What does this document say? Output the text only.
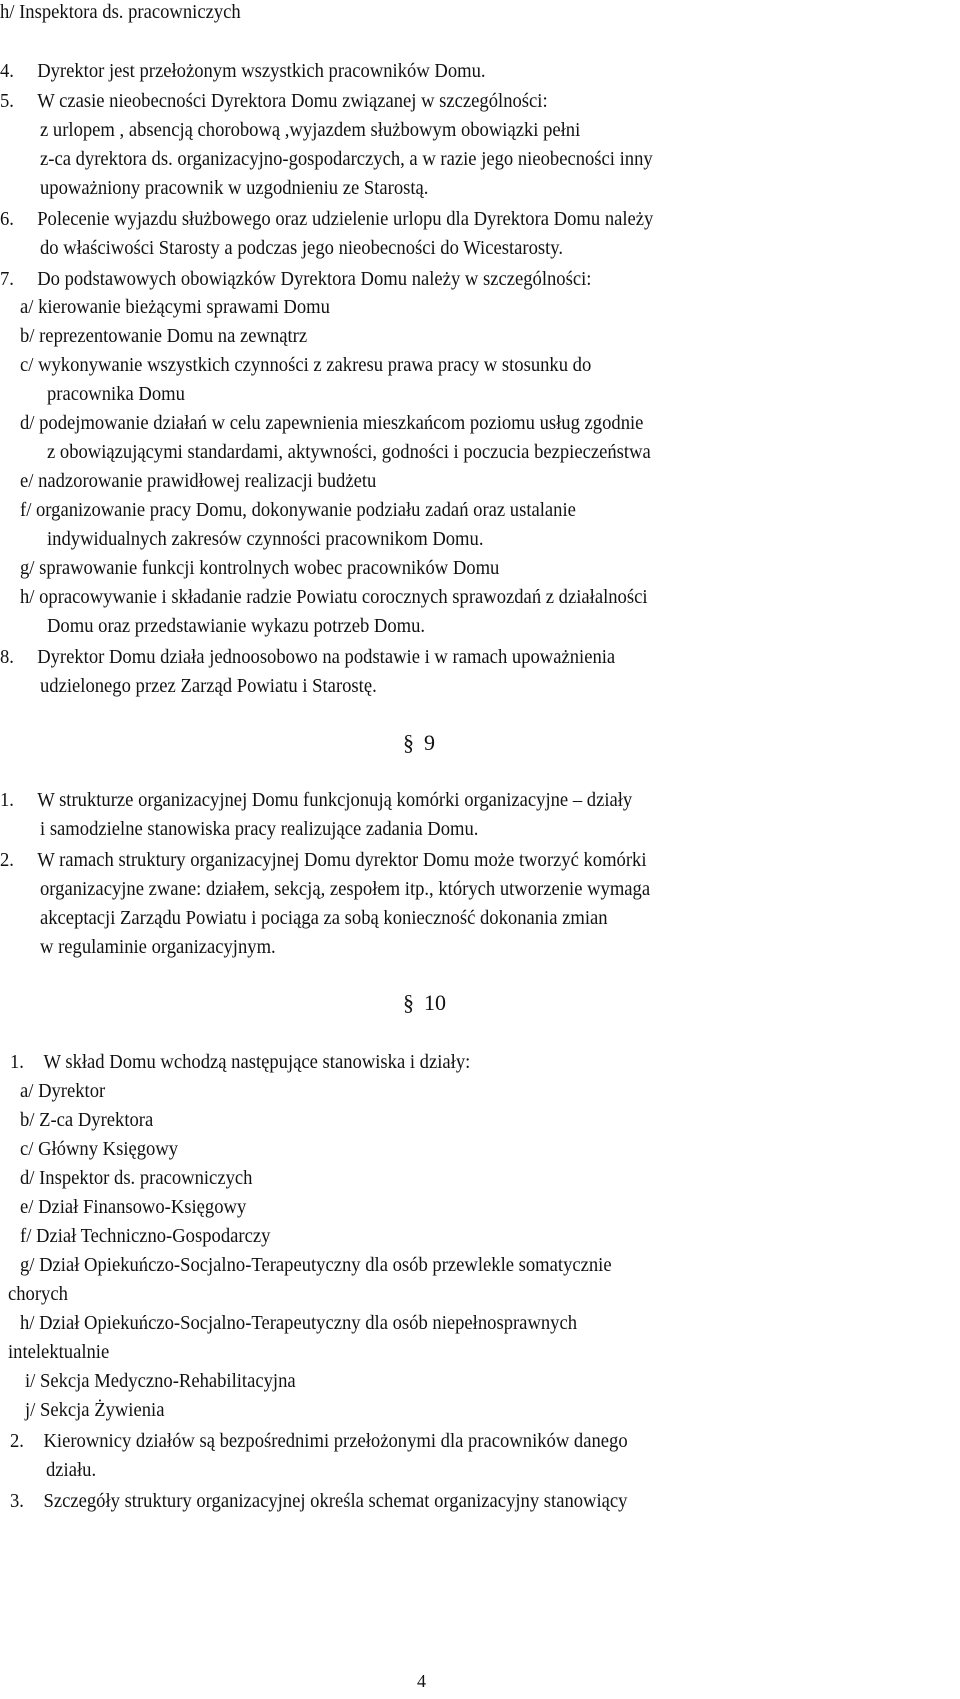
h/ Inspektora ds. pracowniczych

4. Dyrektor jest przełożonym wszystkich pracowników Domu.

5. W czasie nieobecności Dyrektora Domu związanej w szczególności:

z urlopem , absencją chorobową ,wyjazdem służbowym obowiązki pełni

z-ca dyrektora ds. organizacyjno-gospodarczych, a w razie jego nieobecności inny

upoważniony pracownik w uzgodnieniu ze Starostą.

6. Polecenie wyjazdu służbowego oraz udzielenie urlopu dla Dyrektora Domu należy

do właściwości Starosty a podczas jego nieobecności do Wicestarosty.

7. Do podstawowych obowiązków Dyrektora Domu należy w szczególności:

a/ kierowanie bieżącymi sprawami Domu

b/ reprezentowanie Domu na zewnątrz

c/ wykonywanie wszystkich czynności z zakresu prawa pracy w stosunku do

pracownika Domu

d/ podejmowanie działań w celu zapewnienia mieszkańcom poziomu usług zgodnie

z obowiązującymi standardami, aktywności, godności i poczucia bezpieczeństwa

e/ nadzorowanie prawidłowej realizacji budżetu

f/ organizowanie pracy Domu, dokonywanie podziału zadań oraz ustalanie

indywidualnych zakresów czynności pracownikom Domu.

g/ sprawowanie funkcji kontrolnych wobec pracowników Domu

h/ opracowywanie i składanie radzie Powiatu corocznych sprawozdań z działalności

Domu oraz przedstawianie wykazu potrzeb Domu.

8. Dyrektor Domu działa jednoosobowo na podstawie i w ramach upoważnienia

udzielonego przez Zarząd Powiatu i Starostę.

§ 9

1. W strukturze organizacyjnej Domu funkcjonują komórki organizacyjne – działy

i samodzielne stanowiska pracy realizujące zadania Domu.

2. W ramach struktury organizacyjnej Domu dyrektor Domu może tworzyć komórki

organizacyjne zwane: działem, sekcją, zespołem itp., których utworzenie wymaga

akceptacji Zarządu Powiatu i pociąga za sobą konieczność dokonania zmian

w regulaminie organizacyjnym.

§ 10

1. W skład Domu wchodzą następujące stanowiska i działy:

a/ Dyrektor

b/ Z-ca Dyrektora

c/ Główny Księgowy

d/ Inspektor ds. pracowniczych

e/ Dział Finansowo-Księgowy

f/ Dział Techniczno-Gospodarczy

g/ Dział Opiekuńczo-Socjalno-Terapeutyczny dla osób przewlekle somatycznie

chorych

h/ Dział Opiekuńczo-Socjalno-Terapeutyczny dla osób niepełnosprawnych

intelektualnie

i/ Sekcja Medyczno-Rehabilitacyjna

j/ Sekcja Żywienia

2. Kierownicy działów są bezpośrednimi przełożonymi dla pracowników danego

działu.

3. Szczegóły struktury organizacyjnej określa schemat organizacyjny stanowiący

4
